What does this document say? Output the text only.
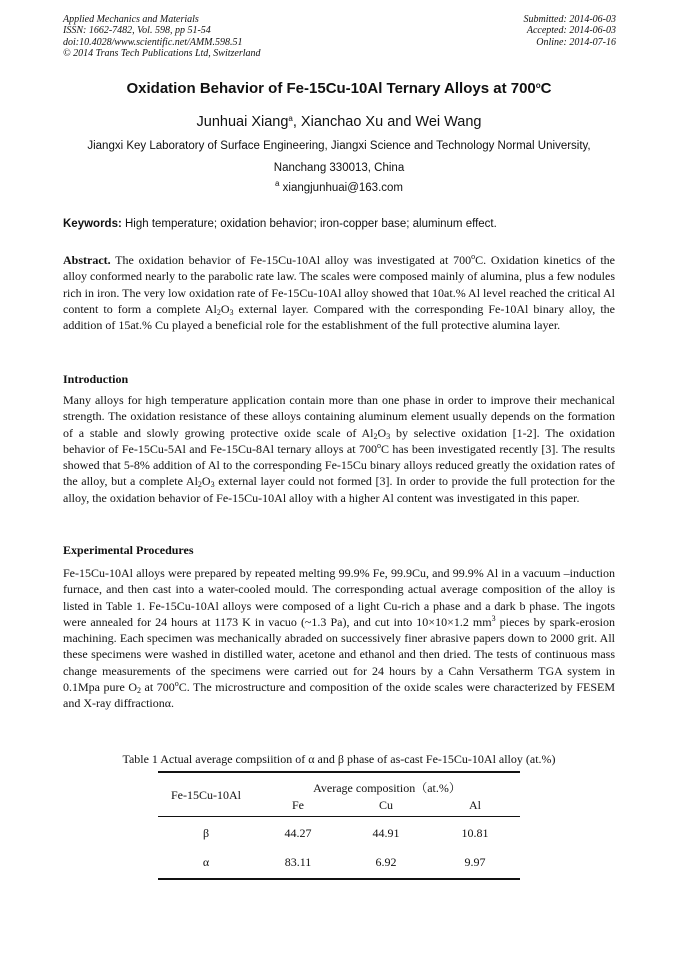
Applied Mechanics and Materials
ISSN: 1662-7482, Vol. 598, pp 51-54
doi:10.4028/www.scientific.net/AMM.598.51
© 2014 Trans Tech Publications Ltd, Switzerland
Submitted: 2014-06-03
Accepted: 2014-06-03
Online: 2014-07-16
Oxidation Behavior of Fe-15Cu-10Al Ternary Alloys at 700$^o$C
Junhuai Xiang$^a$, Xianchao Xu and Wei Wang
Jiangxi Key Laboratory of Surface Engineering, Jiangxi Science and Technology Normal University,
Nanchang 330013, China
$^a$ xiangjunhuai@163.com
Keywords: High temperature; oxidation behavior; iron-copper base; aluminum effect.
Abstract. The oxidation behavior of Fe-15Cu-10Al alloy was investigated at 700$^o$C. Oxidation kinetics of the alloy conformed nearly to the parabolic rate law. The scales were composed mainly of alumina, plus a few nodules rich in iron. The very low oxidation rate of Fe-15Cu-10Al alloy showed that 10at.% Al level reached the critical Al content to form a complete $Al_2O_3$ external layer. Compared with the corresponding Fe-10Al binary alloy, the addition of 15at.% Cu played a beneficial role for the establishment of the full protective alumina layer.
Introduction
Many alloys for high temperature application contain more than one phase in order to improve their mechanical strength. The oxidation resistance of these alloys containing aluminum element usually depends on the formation of a stable and slowly growing protective oxide scale of $Al_2O_3$ by selective oxidation [1-2]. The oxidation behavior of Fe-15Cu-5Al and Fe-15Cu-8Al ternary alloys at 700$^o$C has been investigated recently [3]. The results showed that 5-8% addition of Al to the corresponding Fe-15Cu binary alloys reduced greatly the oxidation rates of the alloy, but a complete $Al_2O_3$ external layer could not formed [3]. In order to provide the full protection for the alloy, the oxidation behavior of Fe-15Cu-10Al alloy with a higher Al content was investigated in this paper.
Experimental Procedures
Fe-15Cu-10Al alloys were prepared by repeated melting 99.9% Fe, 99.9Cu, and 99.9% Al in a vacuum –induction furnace, and then cast into a water-cooled mould. The corresponding actual average composition of the alloy is listed in Table 1. Fe-15Cu-10Al alloys were composed of a light Cu-rich a phase and a dark b phase. The ingots were annealed for 24 hours at 1173 K in vacuo (~1.3 Pa), and cut into 10×10×1.2 $mm^3$ pieces by spark-erosion machining. Each specimen was mechanically abraded on successively finer abrasive papers down to 2000 grit. All these specimens were washed in distilled water, acetone and ethanol and then dried. The tests of continuous mass change measurements of the specimens were carried out for 24 hours by a Cahn Versatherm TGA system in 0.1Mpa pure $O_2$ at 700$^o$C. The microstructure and composition of the oxide scales were characterized by FESEM and X-ray diffractionα.
Table 1 Actual average compsiition of α and β phase of as-cast Fe-15Cu-10Al alloy (at.%)
Fe-15Cu-10Al	Average composition（at.%）
Fe	Cu	Al
β	44.27	44.91	10.81
α	83.11	6.92	9.97
